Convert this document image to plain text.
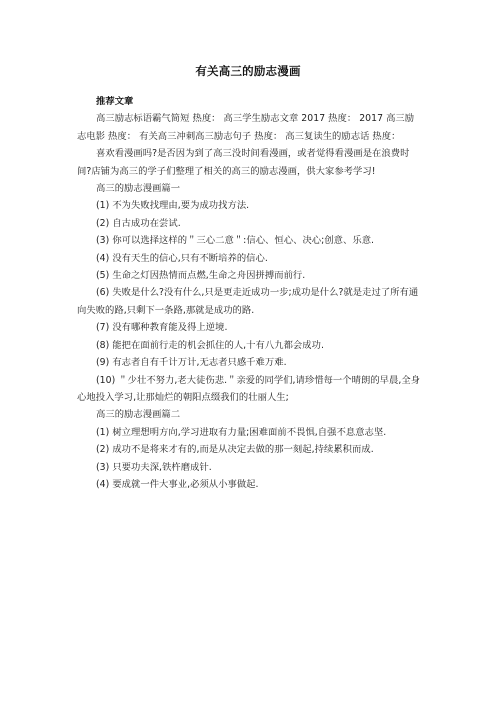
有关高三的励志漫画

推荐文章

高三励志标语霸气简短 热度： 高三学生励志文章 2017 热度： 2017 高三励志电影 热度： 有关高三冲刺高三励志句子 热度： 高三复读生的励志话 热度：

喜欢看漫画吗?是否因为到了高三没时间看漫画，或者觉得看漫画是在浪费时间?店铺为高三的学子们整理了相关的高三的励志漫画，供大家参考学习!

高三的励志漫画篇一

(1) 不为失败找理由,要为成功找方法.

(2) 自古成功在尝试.

(3) 你可以选择这样的＂三心二意＂:信心、恒心、决心;创意、乐意.

(4) 没有天生的信心,只有不断培养的信心.

(5) 生命之灯因热情而点燃,生命之舟因拼搏而前行.

(6) 失败是什么?没有什么,只是更走近成功一步;成功是什么?就是走过了所有通向失败的路,只剩下一条路,那就是成功的路.

(7) 没有哪种教育能及得上逆境.

(8) 能把在面前行走的机会抓住的人,十有八九都会成功.

(9) 有志者自有千计万计,无志者只感千难万难.

(10) ＂少壮不努力,老大徒伤悲.＂亲爱的同学们,请珍惜每一个晴朗的早晨,全身心地投入学习,让那灿烂的朝阳点缀我们的壮丽人生;

高三的励志漫画篇二

(1) 树立理想明方向,学习进取有力量;困难面前不畏惧,自强不息意志坚.

(2) 成功不是将来才有的,而是从决定去做的那一刻起,持续累积而成.

(3) 只要功夫深,铁杵磨成针.

(4) 要成就一件大事业,必须从小事做起.
